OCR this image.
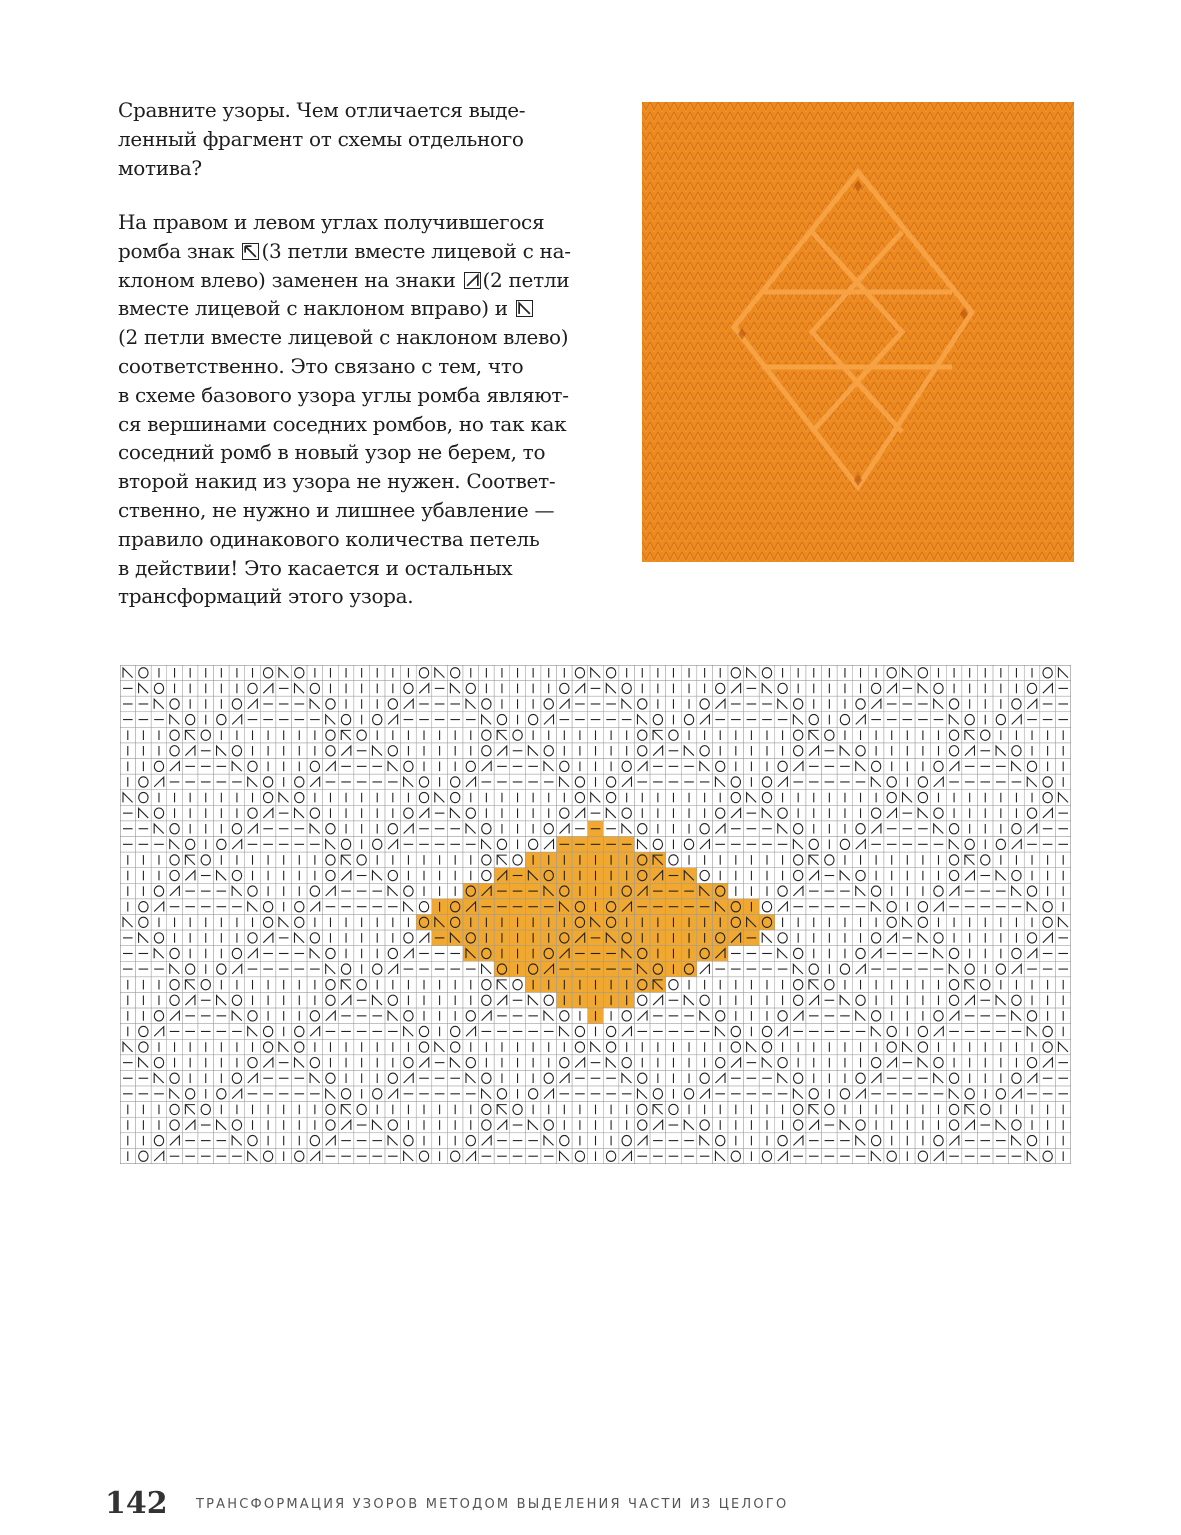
Сравните узоры. Чем отличается выде-
ленный фрагмент от схемы отдельного
мотива?
На правом и левом углах получившегося
ромба знак
(3 петли вместе лицевой с на-
клоном влево) заменен на знаки
(2 петли
вместе лицевой с наклоном вправо) и
(2 петли вместе лицевой с наклоном влево)
соответственно. Это связано с тем, что
в схеме базового узора углы ромба являют-
ся вершинами соседних ромбов, но так как
соседний ромб в новый узор не берем, то
второй накид из узора не нужен. Соответ-
ственно, не нужно и лишнее убавление —
правило одинакового количества петель
в действии! Это касается и остальных
трансформаций этого узора.
142 ТРАНСФОРМАЦИЯ УЗОРОВ МЕТОДОМ ВЫДЕЛЕНИЯ ЧАСТИ ИЗ ЦЕЛОГО
